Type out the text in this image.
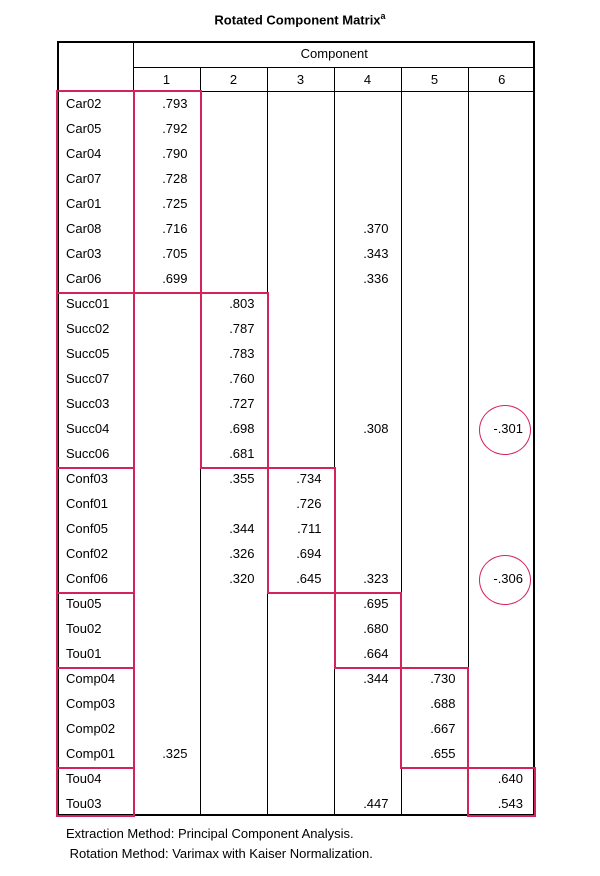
Rotated Component Matrix$^a$
	Component					
	1	2	3	4	5	6
Car02	.793					
Car05	.792					
Car04	.790					
Car07	.728					
Car01	.725					
Car08	.716			.370		
Car03	.705			.343		
Car06	.699			.336		
Succ01		.803				
Succ02		.787				
Succ05		.783				
Succ07		.760				
Succ03		.727				
Succ04		.698		.308		-.301
Succ06		.681				
Conf03		.355	.734			
Conf01			.726			
Conf05		.344	.711			
Conf02		.326	.694			
Conf06		.320	.645	.323		-.306
Tou05				.695		
Tou02				.680		
Tou01				.664		
Comp04				.344	.730	
Comp03					.688	
Comp02					.667	
Comp01	.325				.655	
Tou04						.640
Tou03				.447		.543
Extraction Method: Principal Component Analysis.
Rotation Method: Varimax with Kaiser Normalization.
